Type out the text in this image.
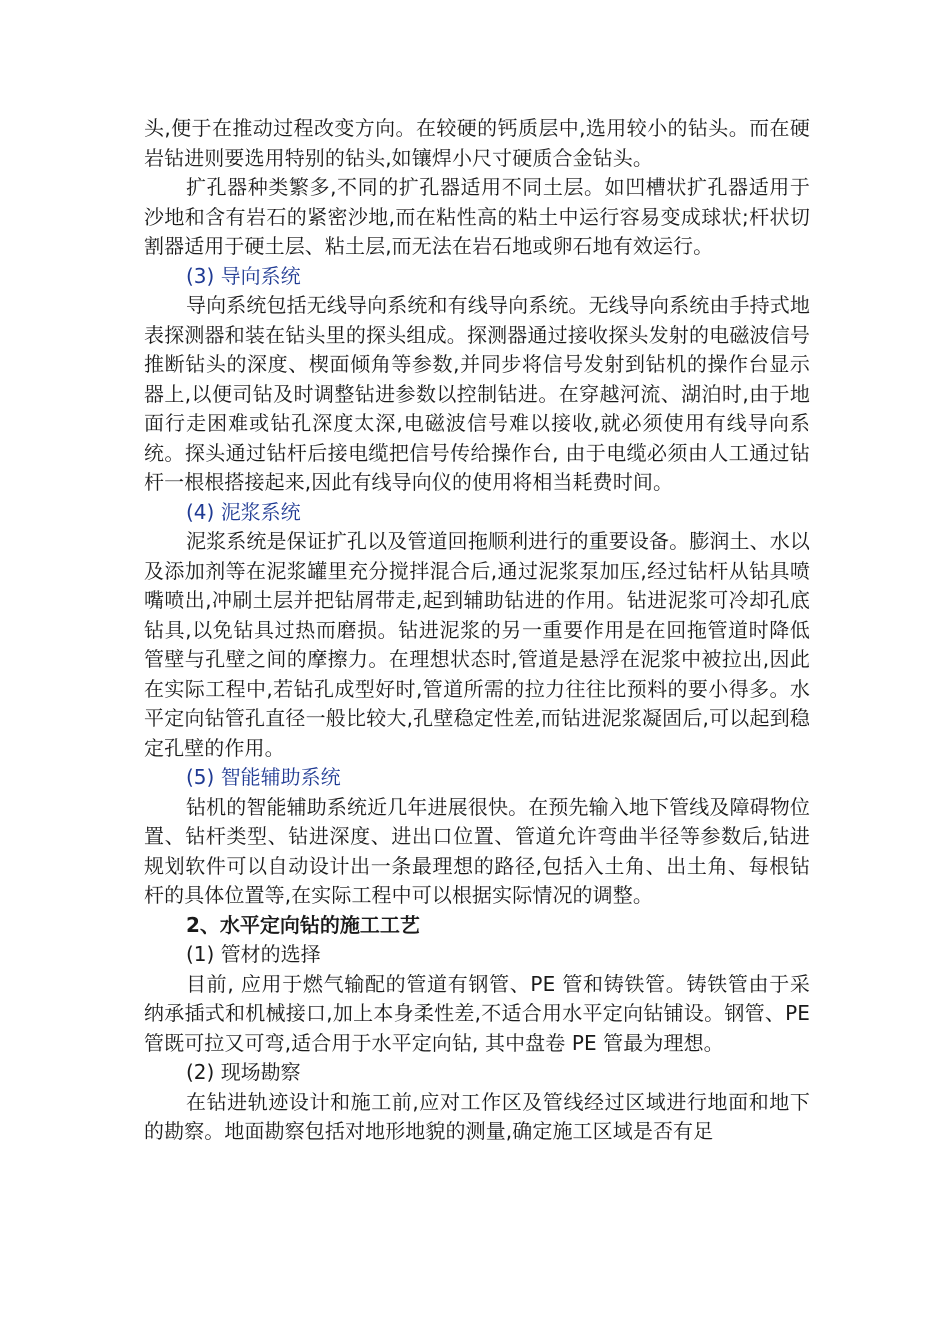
头,便于在推动过程改变方向。在较硬的钙质层中,选用较小的钻头。而在硬岩钻进则要选用特别的钻头,如镶焊小尺寸硬质合金钻头。

扩孔器种类繁多,不同的扩孔器适用不同土层。如凹槽状扩孔器适用于沙地和含有岩石的紧密沙地,而在粘性高的粘土中运行容易变成球状;杆状切割器适用于硬土层、粘土层,而无法在岩石地或卵石地有效运行。

(3) 导向系统

导向系统包括无线导向系统和有线导向系统。无线导向系统由手持式地表探测器和装在钻头里的探头组成。探测器通过接收探头发射的电磁波信号推断钻头的深度、楔面倾角等参数,并同步将信号发射到钻机的操作台显示器上,以便司钻及时调整钻进参数以控制钻进。在穿越河流、湖泊时,由于地面行走困难或钻孔深度太深,电磁波信号难以接收,就必须使用有线导向系统。探头通过钻杆后接电缆把信号传给操作台, 由于电缆必须由人工通过钻杆一根根搭接起来,因此有线导向仪的使用将相当耗费时间。

(4) 泥浆系统

泥浆系统是保证扩孔以及管道回拖顺利进行的重要设备。膨润土、水以及添加剂等在泥浆罐里充分搅拌混合后,通过泥浆泵加压,经过钻杆从钻具喷嘴喷出,冲刷土层并把钻屑带走,起到辅助钻进的作用。钻进泥浆可冷却孔底钻具,以免钻具过热而磨损。钻进泥浆的另一重要作用是在回拖管道时降低管壁与孔壁之间的摩擦力。在理想状态时,管道是悬浮在泥浆中被拉出,因此在实际工程中,若钻孔成型好时,管道所需的拉力往往比预料的要小得多。水平定向钻管孔直径一般比较大,孔壁稳定性差,而钻进泥浆凝固后,可以起到稳定孔壁的作用。

(5) 智能辅助系统

钻机的智能辅助系统近几年进展很快。在预先输入地下管线及障碍物位置、钻杆类型、钻进深度、进出口位置、管道允许弯曲半径等参数后,钻进规划软件可以自动设计出一条最理想的路径,包括入土角、出土角、每根钻杆的具体位置等,在实际工程中可以根据实际情况的调整。

2、水平定向钻的施工工艺

(1) 管材的选择

目前, 应用于燃气输配的管道有钢管、PE 管和铸铁管。铸铁管由于采纳承插式和机械接口,加上本身柔性差,不适合用水平定向钻铺设。钢管、PE 管既可拉又可弯,适合用于水平定向钻, 其中盘卷 PE 管最为理想。

(2) 现场勘察

在钻进轨迹设计和施工前,应对工作区及管线经过区域进行地面和地下的勘察。地面勘察包括对地形地貌的测量,确定施工区域是否有足
